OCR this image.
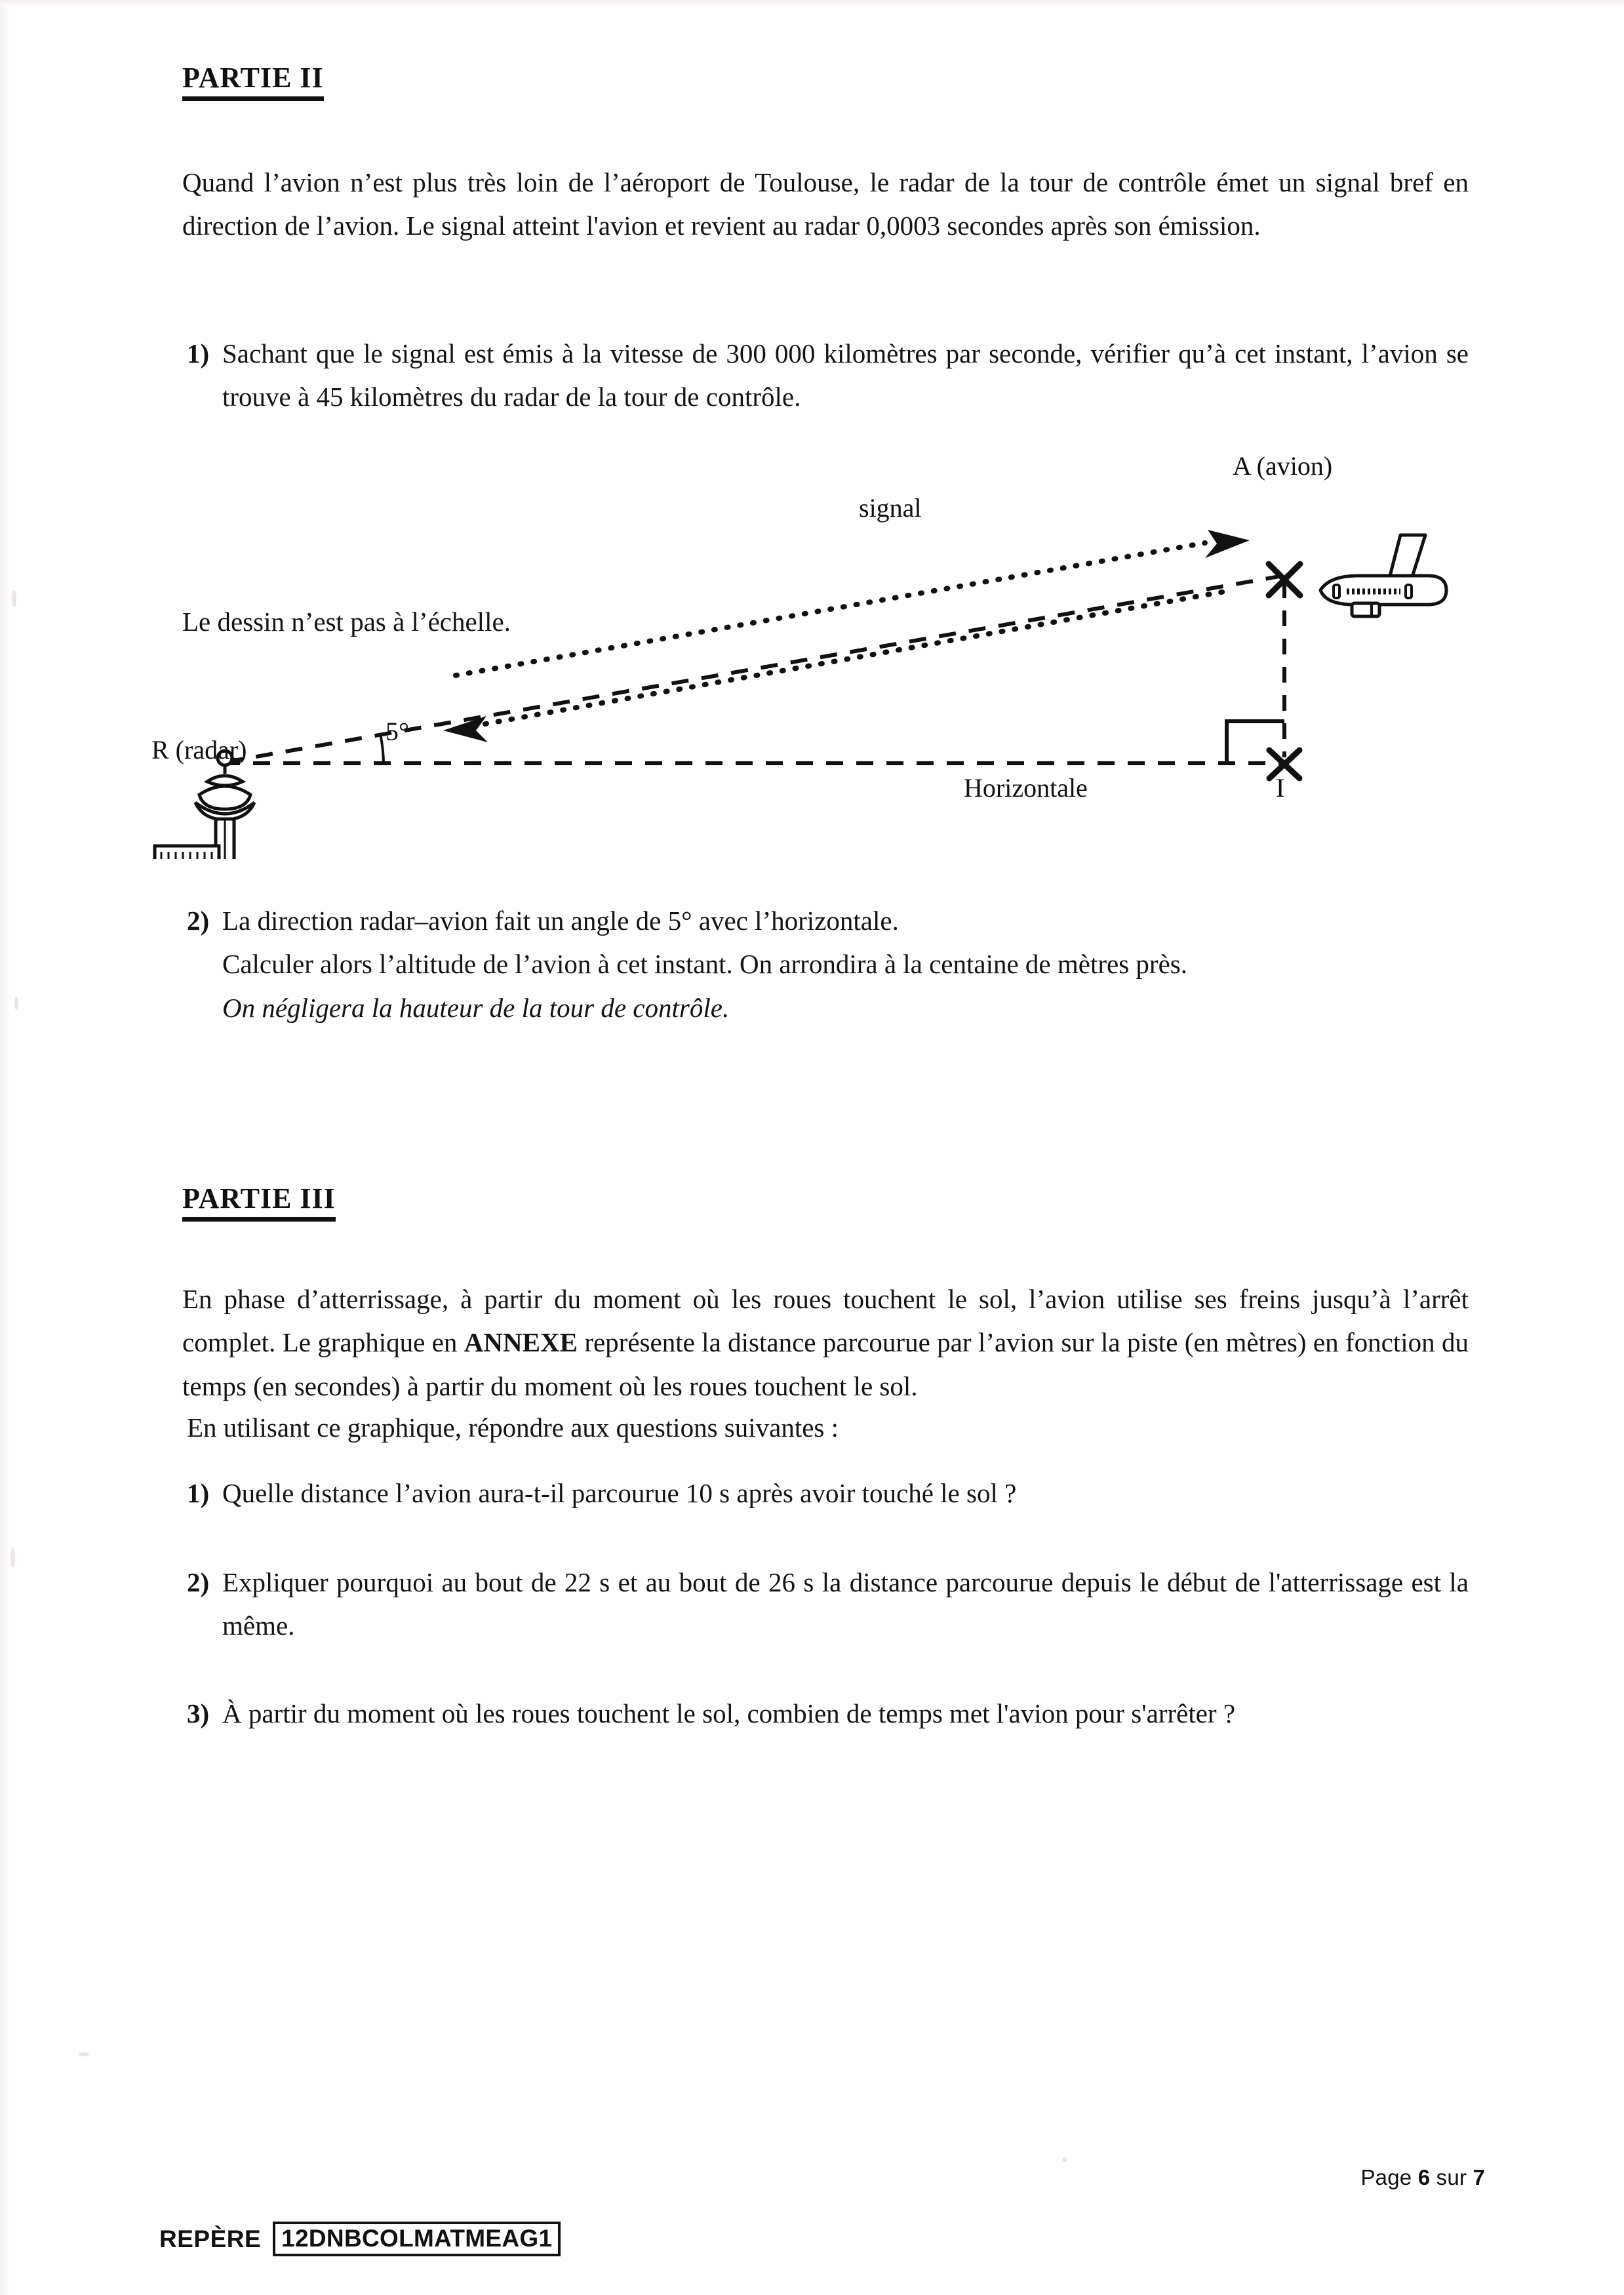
PARTIE II
Quand l’avion n’est plus très loin de l’aéroport de Toulouse, le radar de la tour de contrôle émet un signal bref en direction de l’avion. Le signal atteint l'avion et revient au radar 0,0003 secondes après son émission.
1) Sachant que le signal est émis à la vitesse de 300 000 kilomètres par seconde, vérifier qu’à cet instant, l’avion se trouve à 45 kilomètres du radar de la tour de contrôle.
A (avion)
R (radar)
signal
Horizontale	I
5°
Le dessin n’est pas à l’échelle.
2) La direction radar–avion fait un angle de 5° avec l’horizontale.
Calculer alors l’altitude de l’avion à cet instant. On arrondira à la centaine de mètres près.
On négligera la hauteur de la tour de contrôle.
PARTIE III
En phase d’atterrissage, à partir du moment où les roues touchent le sol, l’avion utilise ses freins jusqu’à l’arrêt complet. Le graphique en ANNEXE représente la distance parcourue par l’avion sur la piste (en mètres) en fonction du temps (en secondes) à partir du moment où les roues touchent le sol.
En utilisant ce graphique, répondre aux questions suivantes :
1) Quelle distance l’avion aura-t-il parcourue 10 s après avoir touché le sol ?
2) Expliquer pourquoi au bout de 22 s et au bout de 26 s la distance parcourue depuis le début de l'atterrissage est la même.
3) À partir du moment où les roues touchent le sol, combien de temps met l'avion pour s'arrêter ?
Page 6 sur 7
REPÈRE 12DNBCOLMATMEAG1
